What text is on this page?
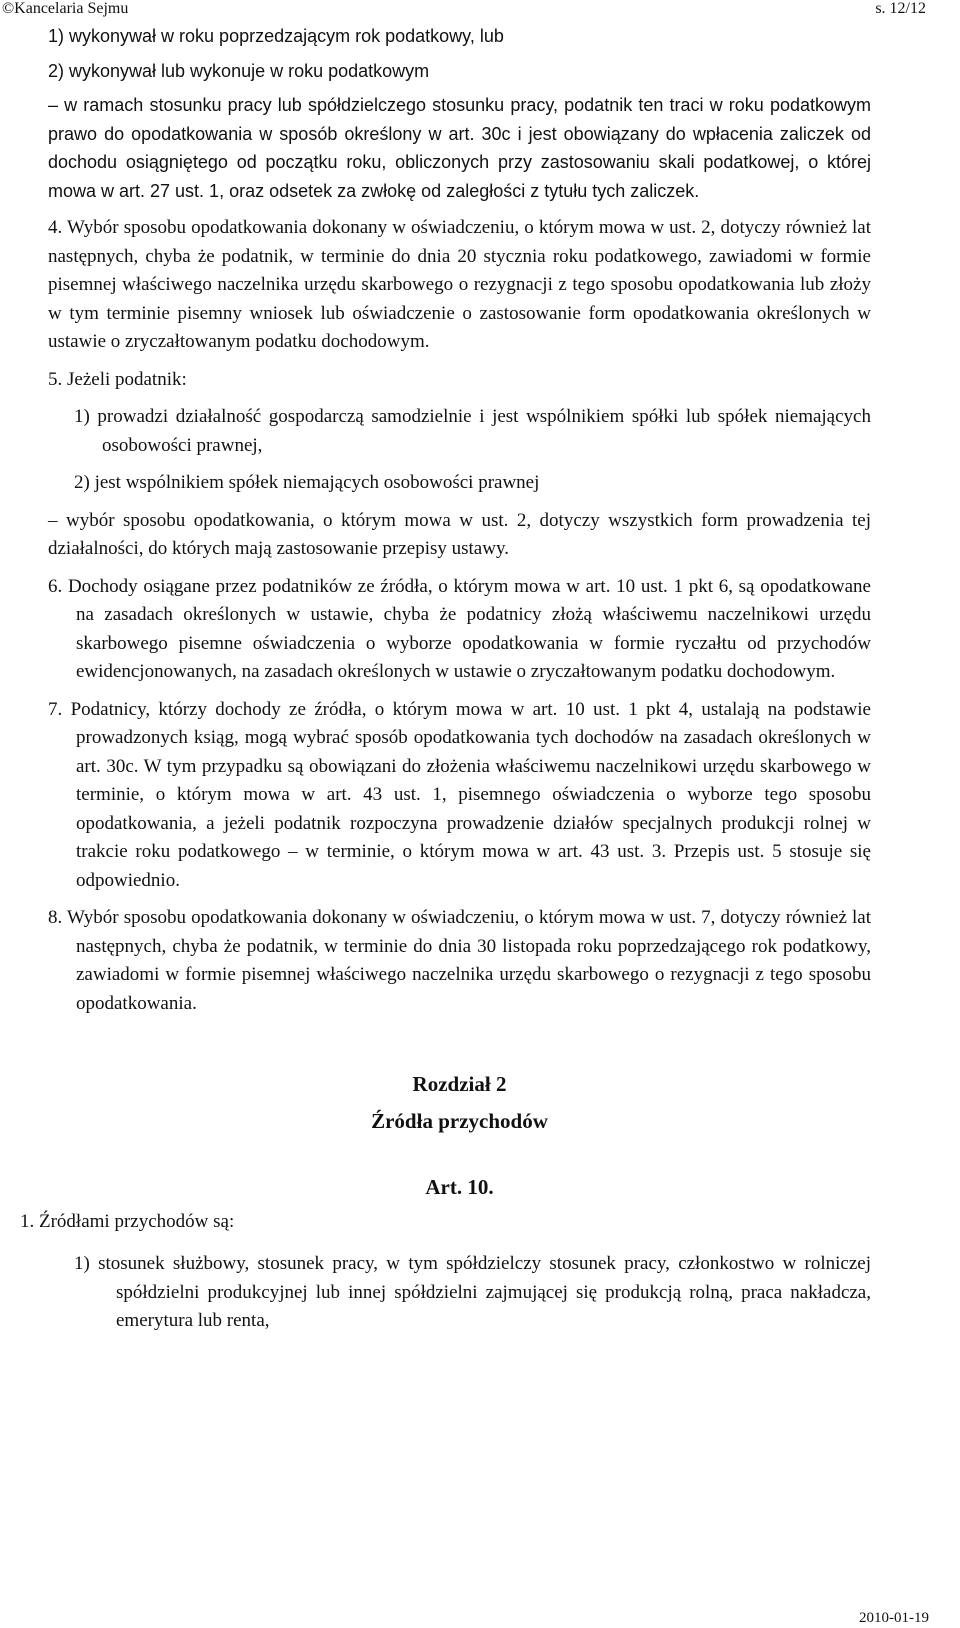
©Kancelaria Sejmu	s. 12/12

1) wykonywał w roku poprzedzającym rok podatkowy, lub

2) wykonywał lub wykonuje w roku podatkowym

– w ramach stosunku pracy lub spółdzielczego stosunku pracy, podatnik ten traci w roku podatkowym prawo do opodatkowania w sposób określony w art. 30c i jest obowiązany do wpłacenia zaliczek od dochodu osiągniętego od początku roku, obliczonych przy zastosowaniu skali podatkowej, o której mowa w art. 27 ust. 1, oraz odsetek za zwłokę od zaległości z tytułu tych zaliczek.

4. Wybór sposobu opodatkowania dokonany w oświadczeniu, o którym mowa w ust. 2, dotyczy również lat następnych, chyba że podatnik, w terminie do dnia 20 stycznia roku podatkowego, zawiadomi w formie pisemnej właściwego naczelnika urzędu skarbowego o rezygnacji z tego sposobu opodatkowania lub złoży w tym terminie pisemny wniosek lub oświadczenie o zastosowanie form opodatkowania określonych w ustawie o zryczałtowanym podatku dochodowym.

5. Jeżeli podatnik:

1) prowadzi działalność gospodarczą samodzielnie i jest wspólnikiem spółki lub spółek niemających osobowości prawnej,

2) jest wspólnikiem spółek niemających osobowości prawnej

– wybór sposobu opodatkowania, o którym mowa w ust. 2, dotyczy wszystkich form prowadzenia tej działalności, do których mają zastosowanie przepisy ustawy.

6. Dochody osiągane przez podatników ze źródła, o którym mowa w art. 10 ust. 1 pkt 6, są opodatkowane na zasadach określonych w ustawie, chyba że podatnicy złożą właściwemu naczelnikowi urzędu skarbowego pisemne oświadczenia o wyborze opodatkowania w formie ryczałtu od przychodów ewidencjonowanych, na zasadach określonych w ustawie o zryczałtowanym podatku dochodowym.

7. Podatnicy, którzy dochody ze źródła, o którym mowa w art. 10 ust. 1 pkt 4, ustalają na podstawie prowadzonych ksiąg, mogą wybrać sposób opodatkowania tych dochodów na zasadach określonych w art. 30c. W tym przypadku są obowiązani do złożenia właściwemu naczelnikowi urzędu skarbowego w terminie, o którym mowa w art. 43 ust. 1, pisemnego oświadczenia o wyborze tego sposobu opodatkowania, a jeżeli podatnik rozpoczyna prowadzenie działów specjalnych produkcji rolnej w trakcie roku podatkowego – w terminie, o którym mowa w art. 43 ust. 3. Przepis ust. 5 stosuje się odpowiednio.

8. Wybór sposobu opodatkowania dokonany w oświadczeniu, o którym mowa w ust. 7, dotyczy również lat następnych, chyba że podatnik, w terminie do dnia 30 listopada roku poprzedzającego rok podatkowy, zawiadomi w formie pisemnej właściwego naczelnika urzędu skarbowego o rezygnacji z tego sposobu opodatkowania.

Rozdział 2

Źródła przychodów

Art. 10.

1. Źródłami przychodów są:

1) stosunek służbowy, stosunek pracy, w tym spółdzielczy stosunek pracy, członkostwo w rolniczej spółdzielni produkcyjnej lub innej spółdzielni zajmującej się produkcją rolną, praca nakładcza, emerytura lub renta,

2010-01-19
